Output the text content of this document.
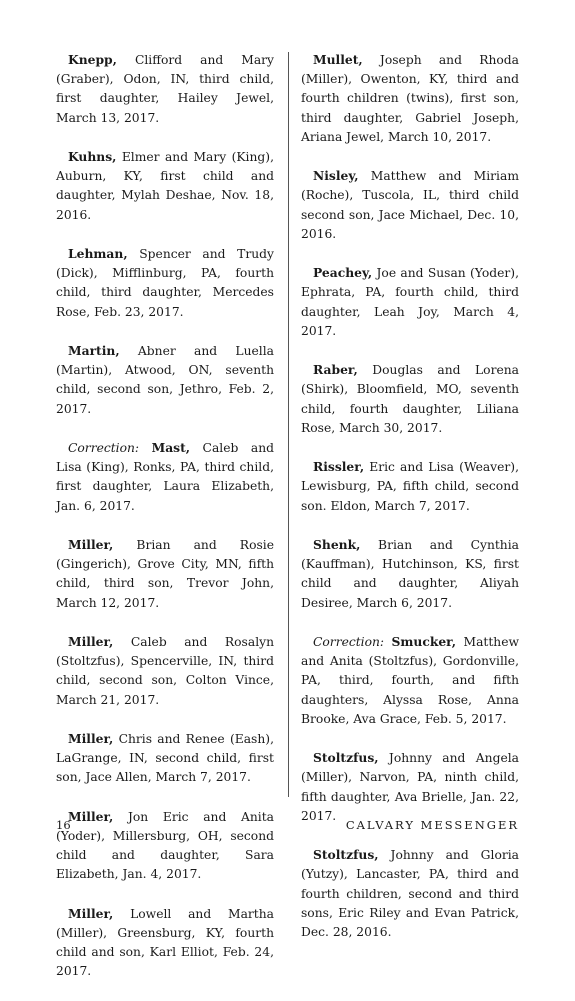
Knepp, Clifford and Mary (Graber), Odon, IN, third child, first daughter, Hailey Jewel, March 13, 2017.

Kuhns, Elmer and Mary (King), Auburn, KY, first child and daughter, Mylah Deshae, Nov. 18, 2016.

Lehman, Spencer and Trudy (Dick), Mifflinburg, PA, fourth child, third daughter, Mercedes Rose, Feb. 23, 2017.

Martin, Abner and Luella (Martin), Atwood, ON, seventh child, second son, Jethro, Feb. 2, 2017.

Correction: Mast, Caleb and Lisa (King), Ronks, PA, third child, first daughter, Laura Elizabeth, Jan. 6, 2017.

Miller, Brian and Rosie (Gingerich), Grove City, MN, fifth child, third son, Trevor John, March 12, 2017.

Miller, Caleb and Rosalyn (Stoltzfus), Spencerville, IN, third child, second son, Colton Vince, March 21, 2017.

Miller, Chris and Renee (Eash), LaGrange, IN, second child, first son, Jace Allen, March 7, 2017.

Miller, Jon Eric and Anita (Yoder), Millersburg, OH, second child and daughter, Sara Elizabeth, Jan. 4, 2017.

Miller, Lowell and Martha (Miller), Greensburg, KY, fourth child and son, Karl Elliot, Feb. 24, 2017.

Mullet, Joseph and Rhoda (Miller), Owenton, KY, third and fourth children (twins), first son, third daughter, Gabriel Joseph, Ariana Jewel, March 10, 2017.

Nisley, Matthew and Miriam (Roche), Tuscola, IL, third child second son, Jace Michael, Dec. 10, 2016.

Peachey, Joe and Susan (Yoder), Ephrata, PA, fourth child, third daughter, Leah Joy, March 4, 2017.

Raber, Douglas and Lorena (Shirk), Bloomfield, MO, seventh child, fourth daughter, Liliana Rose, March 30, 2017.

Rissler, Eric and Lisa (Weaver), Lewisburg, PA, fifth child, second son. Eldon, March 7, 2017.

Shenk, Brian and Cynthia (Kauffman), Hutchinson, KS, first child and daughter, Aliyah Desiree, March 6, 2017.

Correction: Smucker, Matthew and Anita (Stoltzfus), Gordonville, PA, third, fourth, and fifth daughters, Alyssa Rose, Anna Brooke, Ava Grace, Feb. 5, 2017.

Stoltzfus, Johnny and Angela (Miller), Narvon, PA, ninth child, fifth daughter, Ava Brielle, Jan. 22, 2017.

Stoltzfus, Johnny and Gloria (Yutzy), Lancaster, PA, third and fourth children, second and third sons, Eric Riley and Evan Patrick, Dec. 28, 2016.

16	CALVARY MESSENGER
